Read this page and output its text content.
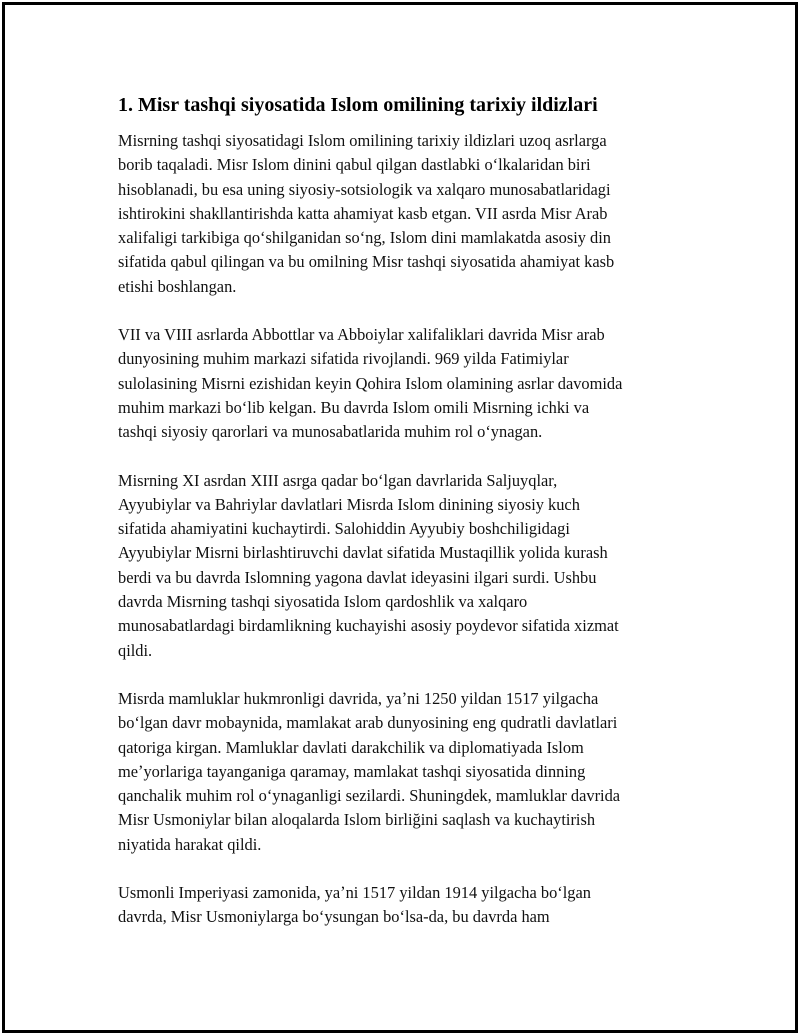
1. Misr tashqi siyosatida Islom omilining tarixiy ildizlari

Misrning tashqi siyosatidagi Islom omilining tarixiy ildizlari uzoq asrlarga
borib taqaladi. Misr Islom dinini qabul qilgan dastlabki oʻlkalaridan biri
hisoblanadi, bu esa uning siyosiy-sotsiologik va xalqaro munosabatlaridagi
ishtirokini shakllantirishda katta ahamiyat kasb etgan. VII asrda Misr Arab
xalifaligi tarkibiga qoʻshilganidan soʻng, Islom dini mamlakatda asosiy din
sifatida qabul qilingan va bu omilning Misr tashqi siyosatida ahamiyat kasb
etishi boshlangan.

VII va VIII asrlarda Abbottlar va Abboiylar xalifaliklari davrida Misr arab
dunyosining muhim markazi sifatida rivojlandi. 969 yilda Fatimiylar
sulolasining Misrni ezishidan keyin Qohira Islom olamining asrlar davomida
muhim markazi boʻlib kelgan. Bu davrda Islom omili Misrning ichki va
tashqi siyosiy qarorlari va munosabatlarida muhim rol oʻynagan.

Misrning XI asrdan XIII asrga qadar boʻlgan davrlarida Saljuyqlar,
Ayyubiylar va Bahriylar davlatlari Misrda Islom dinining siyosiy kuch
sifatida ahamiyatini kuchaytirdi. Salohiddin Ayyubiy boshchiligidagi
Ayyubiylar Misrni birlashtiruvchi davlat sifatida Mustaqillik yolida kurash
berdi va bu davrda Islomning yagona davlat ideyasini ilgari surdi. Ushbu
davrda Misrning tashqi siyosatida Islom qardoshlik va xalqaro
munosabatlardagi birdamlikning kuchayishi asosiy poydevor sifatida xizmat
qildi.

Misrda mamluklar hukmronligi davrida, yaʼni 1250 yildan 1517 yilgacha
boʻlgan davr mobaynida, mamlakat arab dunyosining eng qudratli davlatlari
qatoriga kirgan. Mamluklar davlati darakchilik va diplomatiyada Islom
meʼyorlariga tayanganiga qaramay, mamlakat tashqi siyosatida dinning
qanchalik muhim rol oʻynaganligi sezilardi. Shuningdek, mamluklar davrida
Misr Usmoniylar bilan aloqalarda Islom birliğini saqlash va kuchaytirish
niyatida harakat qildi.

Usmonli Imperiyasi zamonida, yaʼni 1517 yildan 1914 yilgacha boʻlgan
davrda, Misr Usmoniylarga boʻysungan boʻlsa-da, bu davrda ham
